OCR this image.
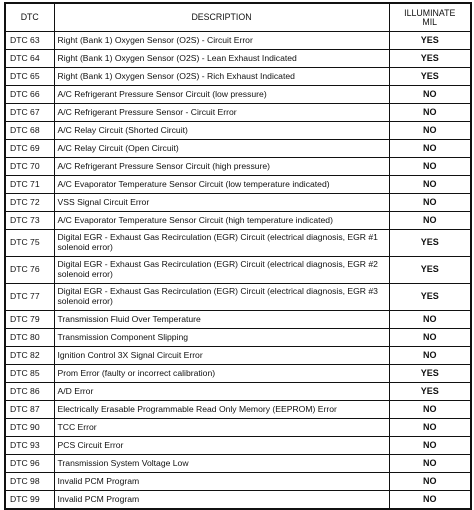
DTC	DESCRIPTION	ILLUMINATE
MIL
DTC 63	Right (Bank 1) Oxygen Sensor (O2S) - Circuit Error	YES
DTC 64	Right (Bank 1) Oxygen Sensor (O2S) - Lean Exhaust Indicated	YES
DTC 65	Right (Bank 1) Oxygen Sensor (O2S) - Rich Exhaust Indicated	YES
DTC 66	A/C Refrigerant Pressure Sensor Circuit (low pressure)	NO
DTC 67	A/C Refrigerant Pressure Sensor - Circuit Error	NO
DTC 68	A/C Relay Circuit (Shorted Circuit)	NO
DTC 69	A/C Relay Circuit (Open Circuit)	NO
DTC 70	A/C Refrigerant Pressure Sensor Circuit (high pressure)	NO
DTC 71	A/C Evaporator Temperature Sensor Circuit (low temperature indicated)	NO
DTC 72	VSS Signal Circuit Error	NO
DTC 73	A/C Evaporator Temperature Sensor Circuit (high temperature indicated)	NO
DTC 75	Digital EGR - Exhaust Gas Recirculation (EGR) Circuit (electrical diagnosis, EGR #1 solenoid error)	YES
DTC 76	Digital EGR - Exhaust Gas Recirculation (EGR) Circuit (electrical diagnosis, EGR #2 solenoid error)	YES
DTC 77	Digital EGR - Exhaust Gas Recirculation (EGR) Circuit (electrical diagnosis, EGR #3 solenoid error)	YES
DTC 79	Transmission Fluid Over Temperature	NO
DTC 80	Transmission Component Slipping	NO
DTC 82	Ignition Control 3X Signal Circuit Error	NO
DTC 85	Prom Error (faulty or incorrect calibration)	YES
DTC 86	A/D Error	YES
DTC 87	Electrically Erasable Programmable Read Only Memory (EEPROM) Error	NO
DTC 90	TCC Error	NO
DTC 93	PCS Circuit Error	NO
DTC 96	Transmission System Voltage Low	NO
DTC 98	Invalid PCM Program	NO
DTC 99	Invalid PCM Program	NO
